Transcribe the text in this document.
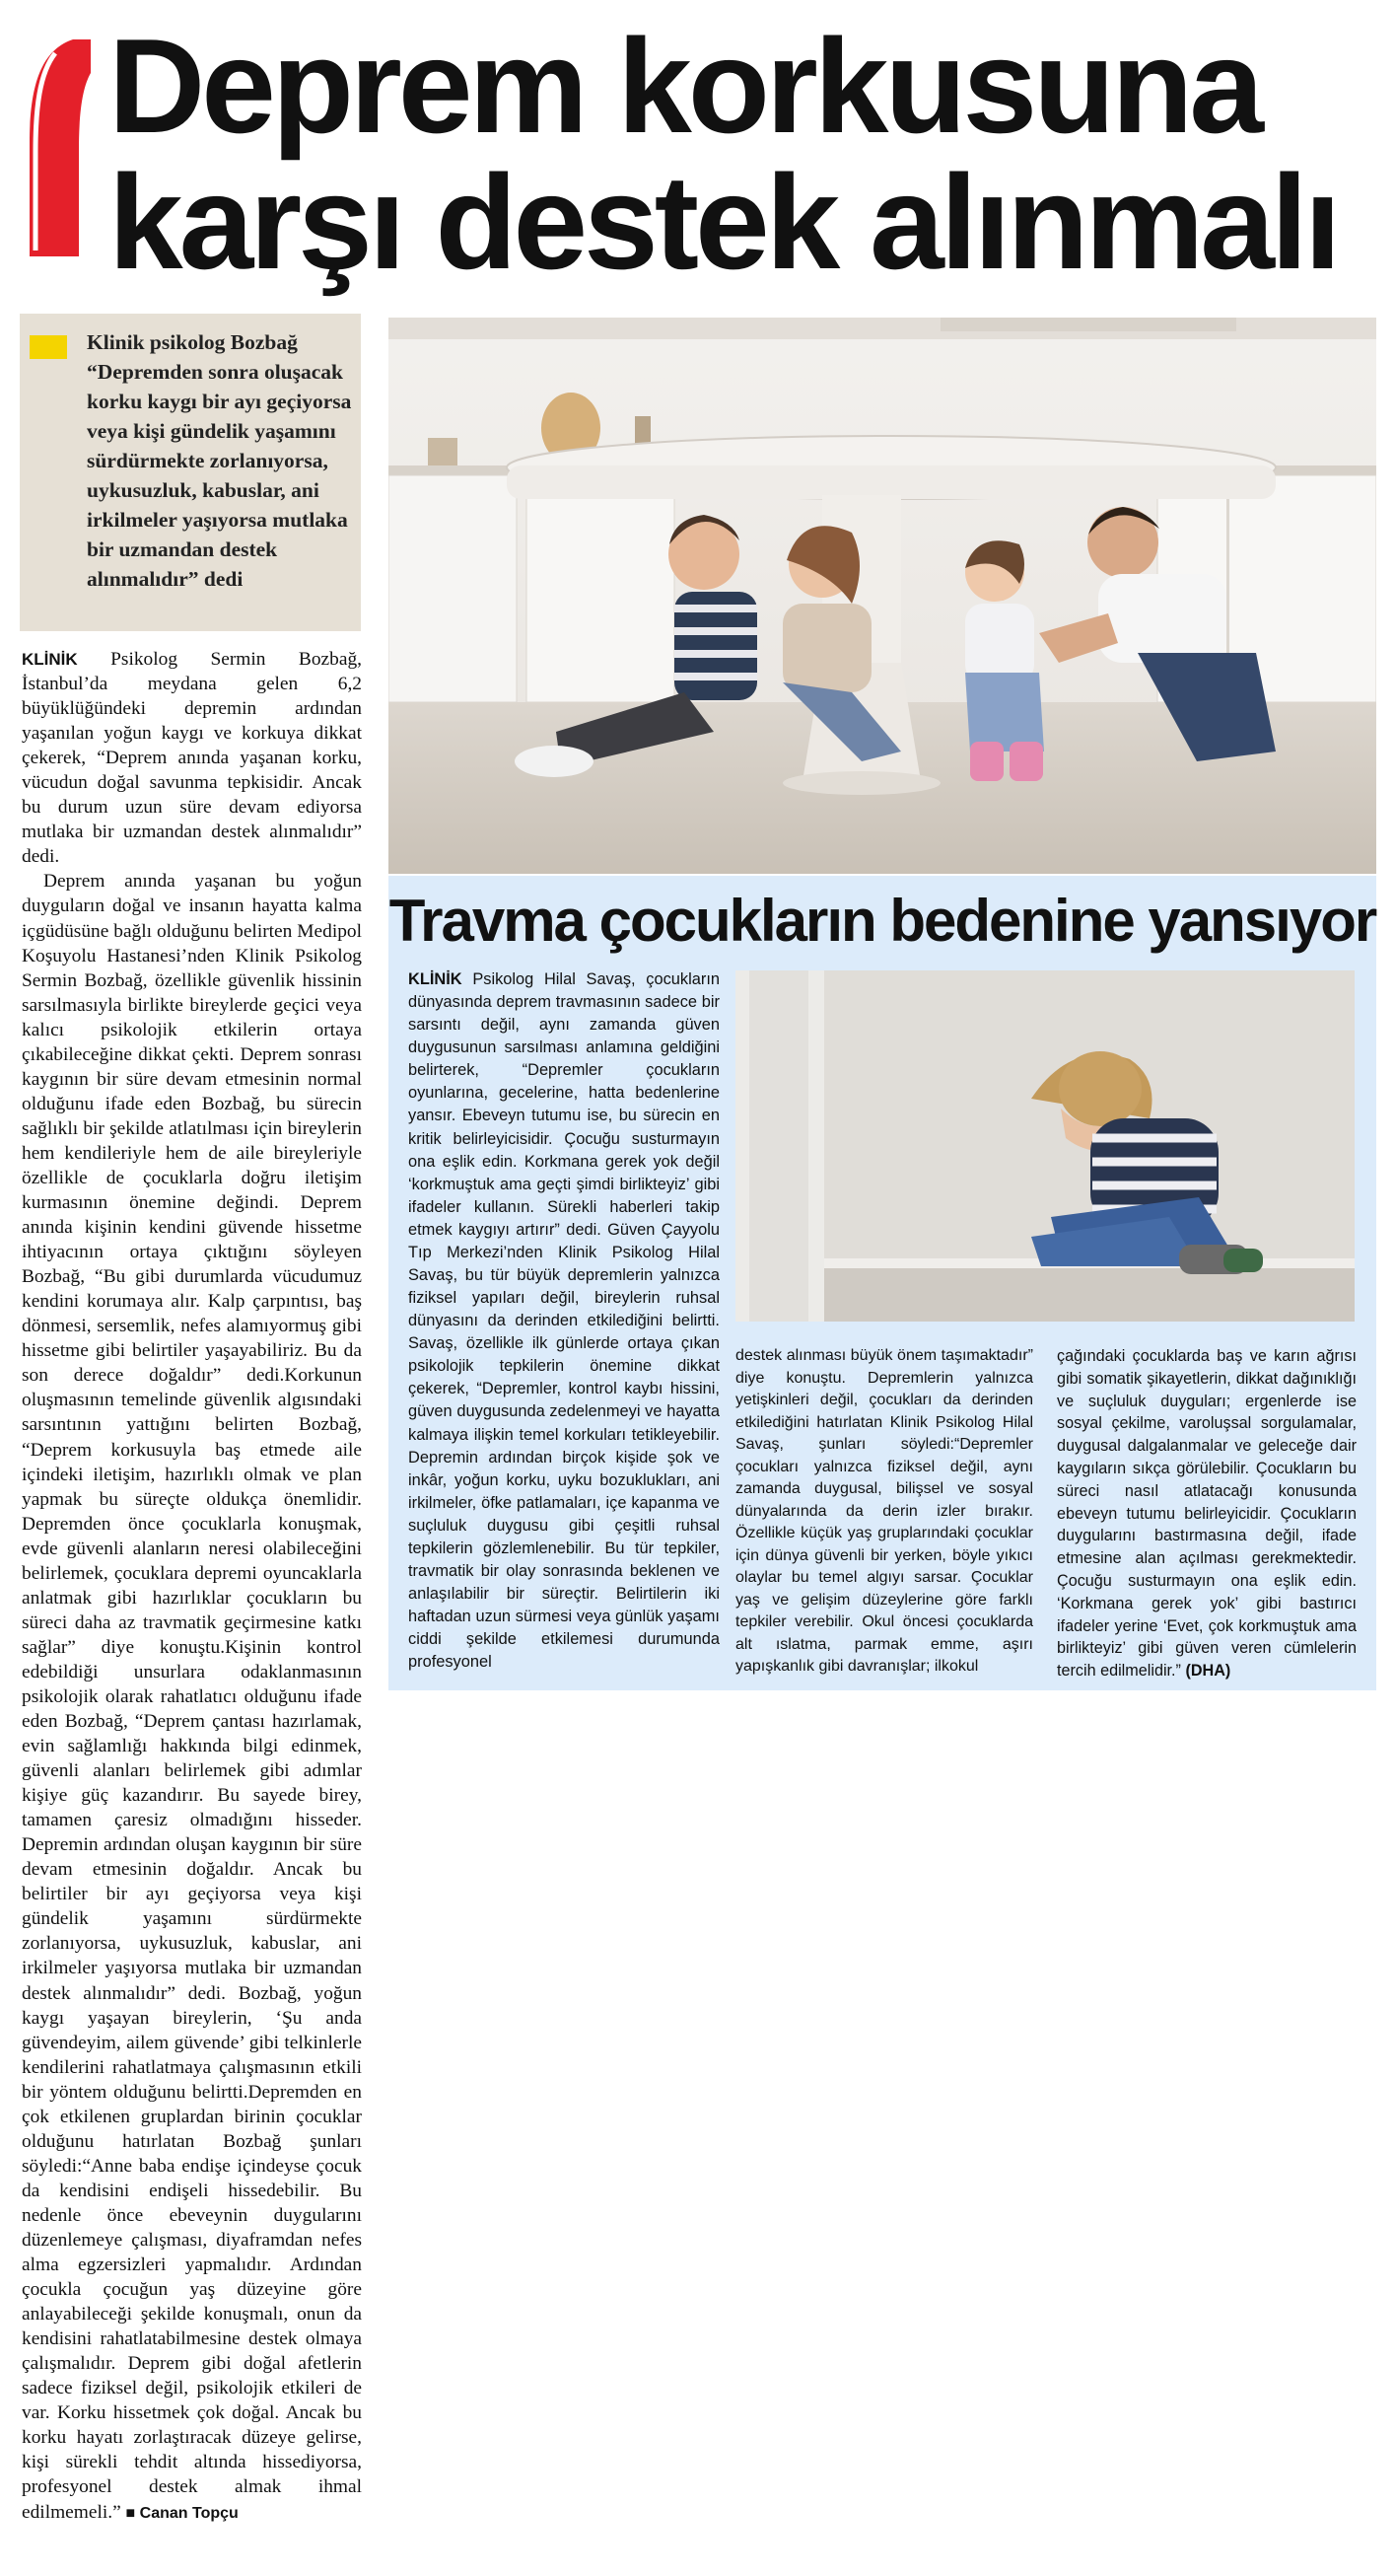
Deprem korkusuna
karşı destek alınmalı

Klinik psikolog Bozbağ “Depremden sonra oluşacak korku kaygı bir ayı geçiyorsa veya kişi gündelik yaşamını sürdürmekte zorlanıyorsa, uykusuzluk, kabuslar, ani irkilmeler yaşıyorsa mutlaka bir uzmandan destek alınmalıdır” dedi

KLİNİK Psikolog Sermin Bozbağ, İstanbul’da meydana gelen 6,2 büyüklüğündeki depremin ardından yaşanılan yoğun kaygı ve korkuya dikkat çekerek, “Deprem anında yaşanan korku, vücudun doğal savunma tepkisidir. Ancak bu durum uzun süre devam ediyorsa mutlaka bir uzmandan destek alınmalıdır” dedi.

Deprem anında yaşanan bu yoğun duyguların doğal ve insanın hayatta kalma içgüdüsüne bağlı olduğunu belirten Medipol Koşuyolu Hastanesi’nden Klinik Psikolog Sermin Bozbağ, özellikle güvenlik hissinin sarsılmasıyla birlikte bireylerde geçici veya kalıcı psikolojik etkilerin ortaya çıkabileceğine dikkat çekti. Deprem sonrası kaygının bir süre devam etmesinin normal olduğunu ifade eden Bozbağ, bu sürecin sağlıklı bir şekilde atlatılması için bireylerin hem kendileriyle hem de aile bireyleriyle özellikle de çocuklarla doğru iletişim kurmasının önemine değindi. Deprem anında kişinin kendini güvende hissetme ihtiyacının ortaya çıktığını söyleyen Bozbağ, “Bu gibi durumlarda vücudumuz kendini korumaya alır. Kalp çarpıntısı, baş dönmesi, sersemlik, nefes alamıyormuş gibi hissetme gibi belirtiler yaşayabiliriz. Bu da son derece doğaldır” dedi.Korkunun oluşmasının temelinde güvenlik algısındaki sarsıntının yattığını belirten Bozbağ, “Deprem korkusuyla baş etmede aile içindeki iletişim, hazırlıklı olmak ve plan yapmak bu süreçte oldukça önemlidir. Depremden önce çocuklarla konuşmak, evde güvenli alanların neresi olabileceğini belirlemek, çocuklara depremi oyuncaklarla anlatmak gibi hazırlıklar çocukların bu süreci daha az travmatik geçirmesine katkı sağlar” diye konuştu.Kişinin kontrol edebildiği unsurlara odaklanmasının psikolojik olarak rahatlatıcı olduğunu ifade eden Bozbağ, “Deprem çantası hazırlamak, evin sağlamlığı hakkında bilgi edinmek, güvenli alanları belirlemek gibi adımlar kişiye güç kazandırır. Bu sayede birey, tamamen çaresiz olmadığını hisseder. Depremin ardından oluşan kaygının bir süre devam etmesinin doğaldır. Ancak bu belirtiler bir ayı geçiyorsa veya kişi gündelik yaşamını sürdürmekte zorlanıyorsa, uykusuzluk, kabuslar, ani irkilmeler yaşıyorsa mutlaka bir uzmandan destek alınmalıdır” dedi. Bozbağ, yoğun kaygı yaşayan bireylerin, ‘Şu anda güvendeyim, ailem güvende’ gibi telkinlerle kendilerini rahatlatmaya çalışmasının etkili bir yöntem olduğunu belirtti.Depremden en çok etkilenen gruplardan birinin çocuklar olduğunu hatırlatan Bozbağ şunları söyledi:“Anne baba endişe içindeyse çocuk da kendisini endişeli hissedebilir. Bu nedenle önce ebeveynin duygularını düzenlemeye çalışması, diyaframdan nefes alma egzersizleri yapmalıdır. Ardından çocukla çocuğun yaş düzeyine göre anlayabileceği şekilde konuşmalı, onun da kendisini rahatlatabilmesine destek olmaya çalışmalıdır. Deprem gibi doğal afetlerin sadece fiziksel değil, psikolojik etkileri de var. Korku hissetmek çok doğal. Ancak bu korku hayatı zorlaştıracak düzeye gelirse, kişi sürekli tehdit altında hissediyorsa, profesyonel destek almak ihmal edilmemeli.” ■ Canan Topçu

Travma çocukların bedenine yansıyor

KLİNİK Psikolog Hilal Savaş, çocukların dünyasında deprem travmasının sadece bir sarsıntı değil, aynı zamanda güven duygusunun sarsılması anlamına geldiğini belirterek, “Depremler çocukların oyunlarına, gecelerine, hatta bedenlerine yansır. Ebeveyn tutumu ise, bu sürecin en kritik belirleyicisidir. Çocuğu susturmayın ona eşlik edin. Korkmana gerek yok değil ‘korkmuştuk ama geçti şimdi birlikteyiz’ gibi ifadeler kullanın. Sürekli haberleri takip etmek kaygıyı artırır” dedi. Güven Çayyolu Tıp Merkezi’nden Klinik Psikolog Hilal Savaş, bu tür büyük depremlerin yalnızca fiziksel yapıları değil, bireylerin ruhsal dünyasını da derinden etkilediğini belirtti. Savaş, özellikle ilk günlerde ortaya çıkan psikolojik tepkilerin önemine dikkat çekerek, “Depremler, kontrol kaybı hissini, güven duygusunda zedelenmeyi ve hayatta kalmaya ilişkin temel korkuları tetikleyebilir. Depremin ardından birçok kişide şok ve inkâr, yoğun korku, uyku bozuklukları, ani irkilmeler, öfke patlamaları, içe kapanma ve suçluluk duygusu gibi çeşitli ruhsal tepkilerin gözlemlenebilir. Bu tür tepkiler, travmatik bir olay sonrasında beklenen ve anlaşılabilir bir süreçtir. Belirtilerin iki haftadan uzun sürmesi veya günlük yaşamı ciddi şekilde etkilemesi durumunda profesyonel

destek alınması büyük önem taşımaktadır” diye konuştu. Depremlerin yalnızca yetişkinleri değil, çocukları da derinden etkilediğini hatırlatan Klinik Psikolog Hilal Savaş, şunları söyledi:“Depremler çocukları yalnızca fiziksel değil, aynı zamanda duygusal, bilişsel ve sosyal dünyalarında da derin izler bırakır. Özellikle küçük yaş gruplarındaki çocuklar için dünya güvenli bir yerken, böyle yıkıcı olaylar bu temel algıyı sarsar. Çocuklar yaş ve gelişim düzeylerine göre farklı tepkiler verebilir. Okul öncesi çocuklarda alt ıslatma, parmak emme, aşırı yapışkanlık gibi davranışlar; ilkokul

çağındaki çocuklarda baş ve karın ağrısı gibi somatik şikayetlerin, dikkat dağınıklığı ve suçluluk duyguları; ergenlerde ise sosyal çekilme, varoluşsal sorgulamalar, duygusal dalgalanmalar ve geleceğe dair kaygıların sıkça görülebilir. Çocukların bu süreci nasıl atlatacağı konusunda ebeveyn tutumu belirleyicidir. Çocukların duygularını bastırmasına değil, ifade etmesine alan açılması gerekmektedir. Çocuğu susturmayın ona eşlik edin. ‘Korkmana gerek yok’ gibi bastırıcı ifadeler yerine ‘Evet, çok korkmuştuk ama birlikteyiz’ gibi güven veren cümlelerin tercih edilmelidir.” (DHA)
